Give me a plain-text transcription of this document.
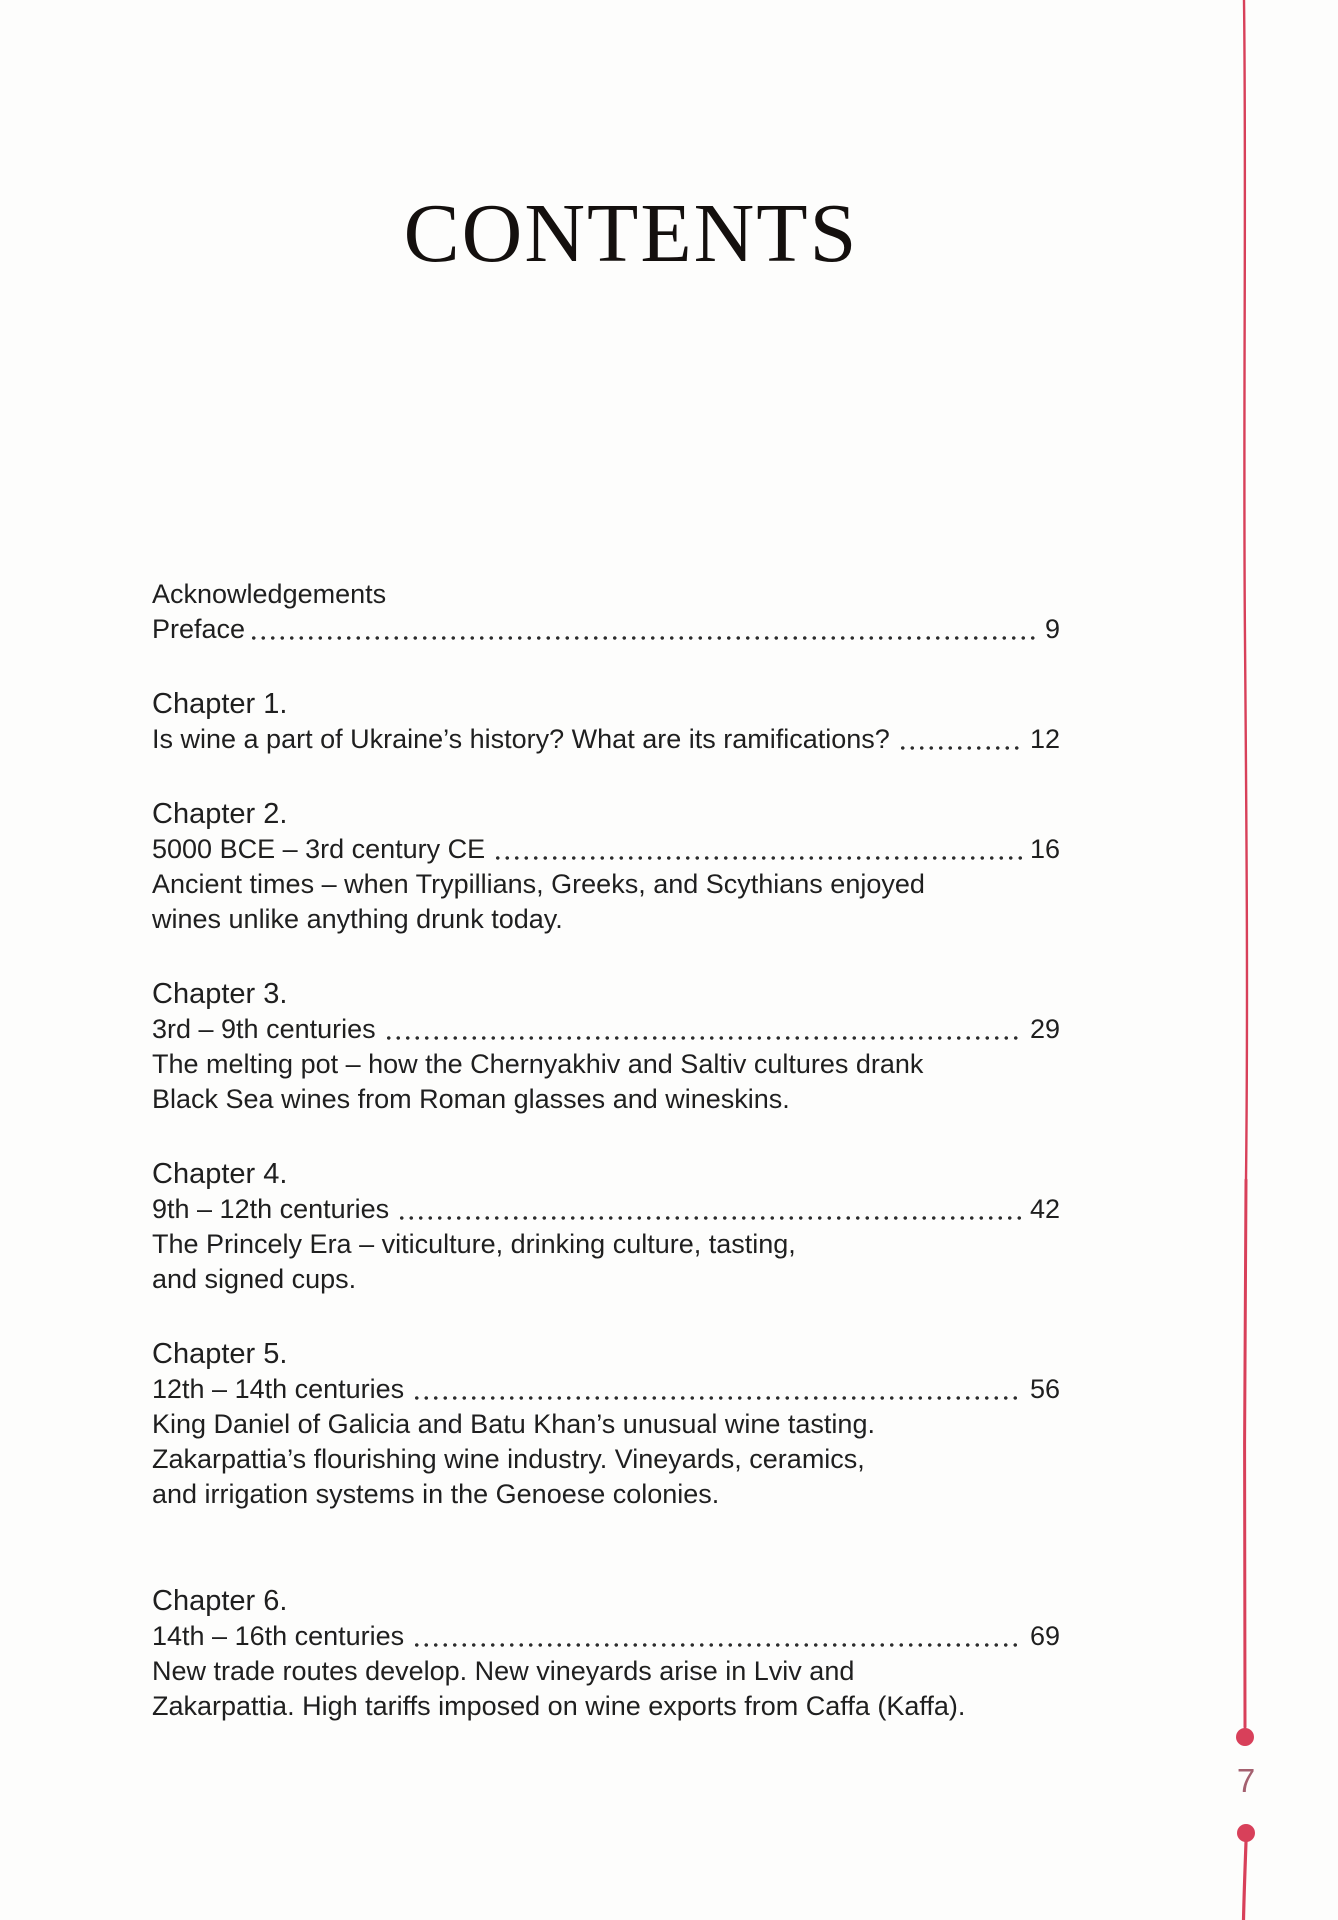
CONTENTS
Acknowledgements
Preface	9
Chapter 1.
Is wine a part of Ukraine’s history? What are its ramifications?	12
Chapter 2.
5000 BCE – 3rd century CE	16
Ancient times – when Trypillians, Greeks, and Scythians enjoyed
wines unlike anything drunk today.
Chapter 3.
3rd – 9th centuries	29
The melting pot – how the Chernyakhiv and Saltiv cultures drank
Black Sea wines from Roman glasses and wineskins.
Chapter 4.
9th – 12th centuries	42
The Princely Era – viticulture, drinking culture, tasting,
and signed cups.
Chapter 5.
12th – 14th centuries	56
King Daniel of Galicia and Batu Khan’s unusual wine tasting.
Zakarpattia’s flourishing wine industry. Vineyards, ceramics,
and irrigation systems in the Genoese colonies.
Chapter 6.
14th – 16th centuries	69
New trade routes develop. New vineyards arise in Lviv and
Zakarpattia. High tariffs imposed on wine exports from Caffa (Kaffa).
7
